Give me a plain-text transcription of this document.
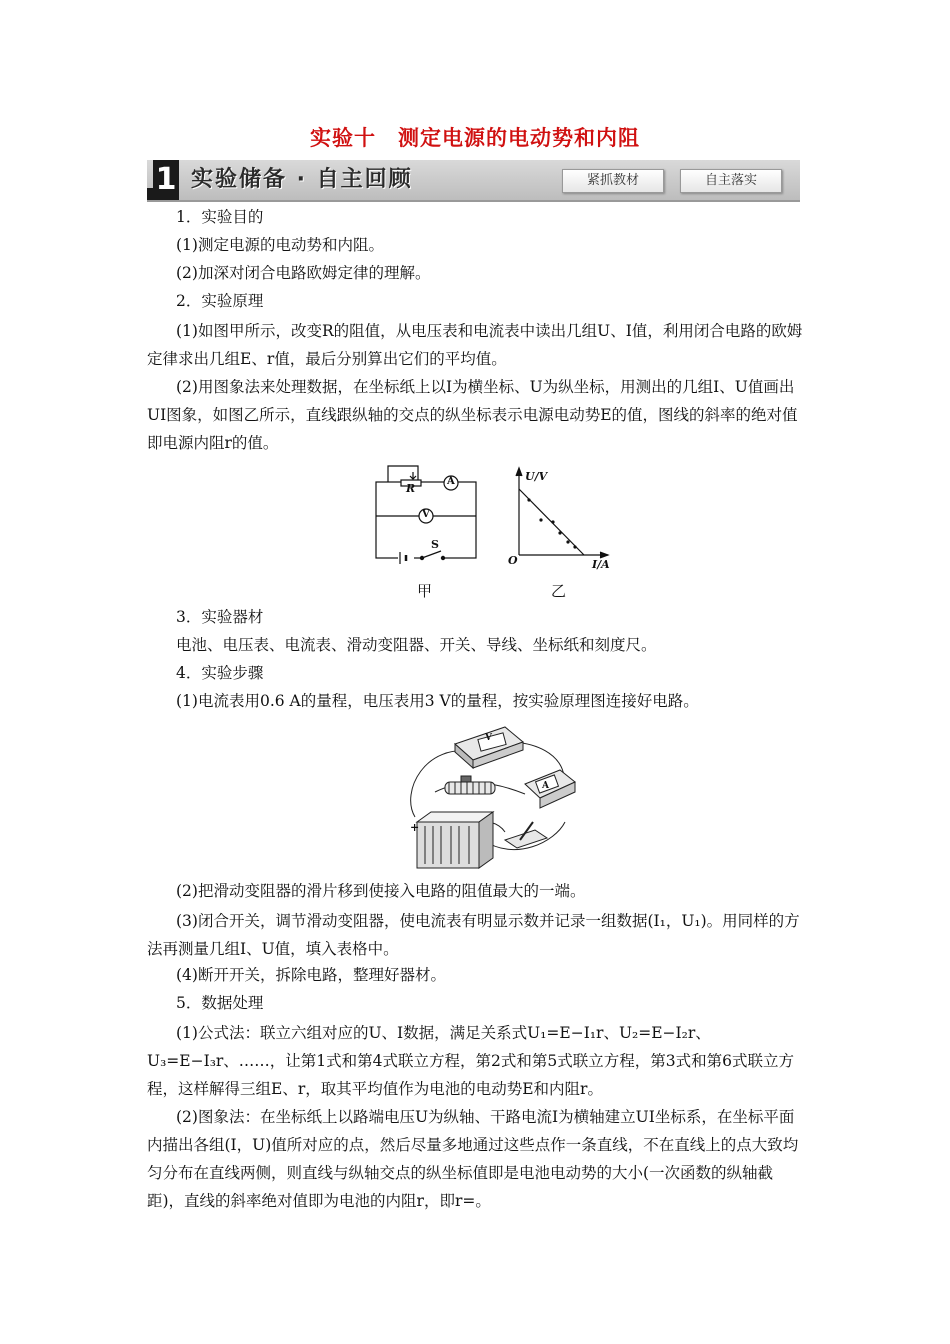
实验十 测定电源的电动势和内阻
1 实验储备 · 自主回顾	紧抓教材	自主落实
1．实验目的
(1)测定电源的电动势和内阻。
(2)加深对闭合电路欧姆定律的理解。
2．实验原理
(1)如图甲所示，改变R的阻值，从电压表和电流表中读出几组U、I值，利用闭合电路的欧姆定律求出几组E、r值，最后分别算出它们的平均值。
(2)用图象法来处理数据，在坐标纸上以I为横坐标、U为纵坐标，用测出的几组I、U值画出UI图象，如图乙所示，直线跟纵轴的交点的纵坐标表示电源电动势E的值，图线的斜率的绝对值即电源内阻r的值。
R
A
V
S
甲
U/V
I/A
O
乙
3．实验器材
电池、电压表、电流表、滑动变阻器、开关、导线、坐标纸和刻度尺。
4．实验步骤
(1)电流表用0.6 A的量程，电压表用3 V的量程，按实验原理图连接好电路。
V
A
+
(2)把滑动变阻器的滑片移到使接入电路的阻值最大的一端。
(3)闭合开关，调节滑动变阻器，使电流表有明显示数并记录一组数据(I₁，U₁)。用同样的方法再测量几组I、U值，填入表格中。
(4)断开开关，拆除电路，整理好器材。
5．数据处理
(1)公式法：联立六组对应的U、I数据，满足关系式U₁=E−I₁r、U₂=E−I₂r、U₃=E−I₃r、……，让第1式和第4式联立方程，第2式和第5式联立方程，第3式和第6式联立方程，这样解得三组E、r，取其平均值作为电池的电动势E和内阻r。
(2)图象法：在坐标纸上以路端电压U为纵轴、干路电流I为横轴建立UI坐标系，在坐标平面内描出各组(I，U)值所对应的点，然后尽量多地通过这些点作一条直线，不在直线上的点大致均匀分布在直线两侧，则直线与纵轴交点的纵坐标值即是电池电动势的大小(一次函数的纵轴截距)，直线的斜率绝对值即为电池的内阻r，即r=。
